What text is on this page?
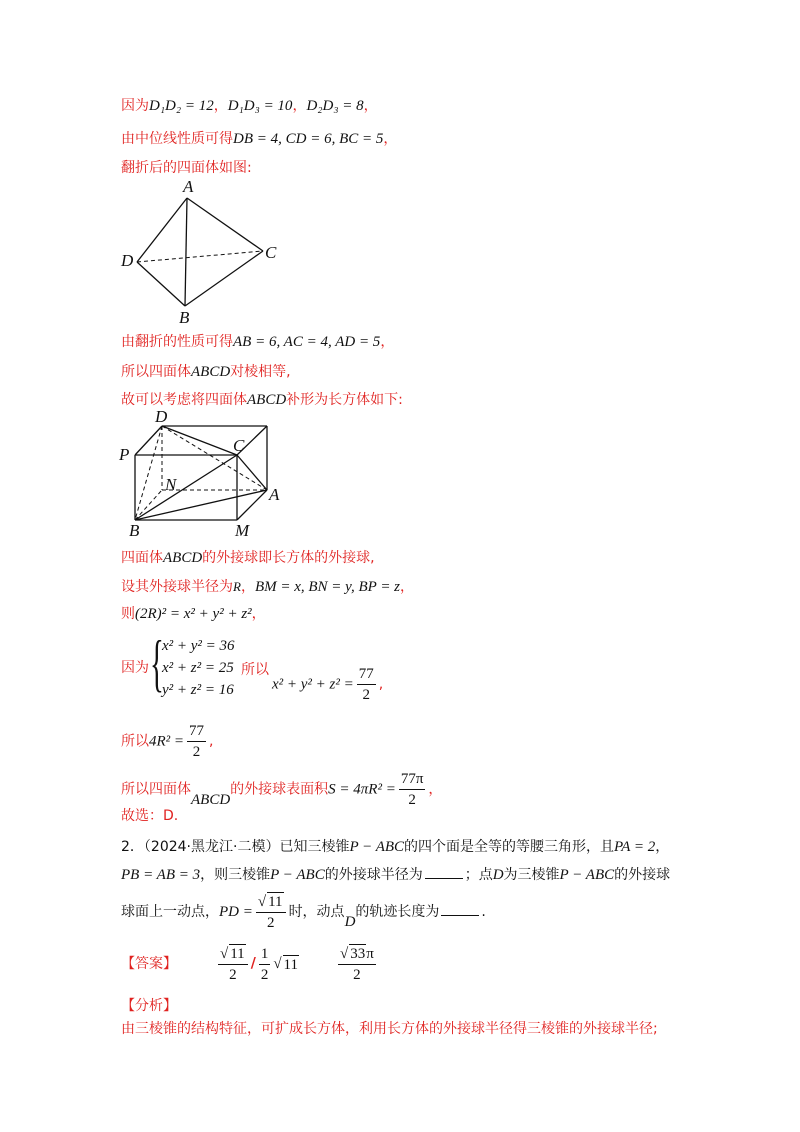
因为D₁D₂ = 12，D₁D₃ = 10，D₂D₃ = 8，
由中位线性质可得DB = 4, CD = 6, BC = 5，
翻折后的四面体如图:
A
D	C
B
由翻折的性质可得AB = 6, AC = 4, AD = 5，
所以四面体ABCD对棱相等,
故可以考虑将四面体ABCD补形为长方体如下:
D
C
P
N
A
B	M
四面体ABCD的外接球即长方体的外接球,
设其外接球半径为R，BM = x, BN = y, BP = z，
则(2R)² = x² + y² + z²，
因为 {
x² + y² = 36
x² + z² = 25
y² + z² = 16
所以
$x^2 + y^2 + z^2 = \frac{77}{2}$ ,
所以$4R^2 = \frac{77}{2}$ ,
所以四面体ABCD的外接球表面积$S = 4\pi R^2 = \frac{77\pi}{2}$ ，
故选：D.
2．（2024·黑龙江·二模）已知三棱锥P − ABC的四个面是全等的等腰三角形，且PA = 2，
PB = AB = 3，则三棱锥P − ABC的外接球半径为	；点D为三棱锥P − ABC的外接球
球面上一动点，PD = $\frac{√ 11}{2}$ 时，动点D的轨迹长度为	.
【答案】	$\frac{√ 11}{2} / \frac{1}{2}$ √ 11	$\frac{√ 33\pi}{2}$
【分析】
由三棱锥的结构特征，可扩成长方体，利用长方体的外接球半径得三棱锥的外接球半径;
